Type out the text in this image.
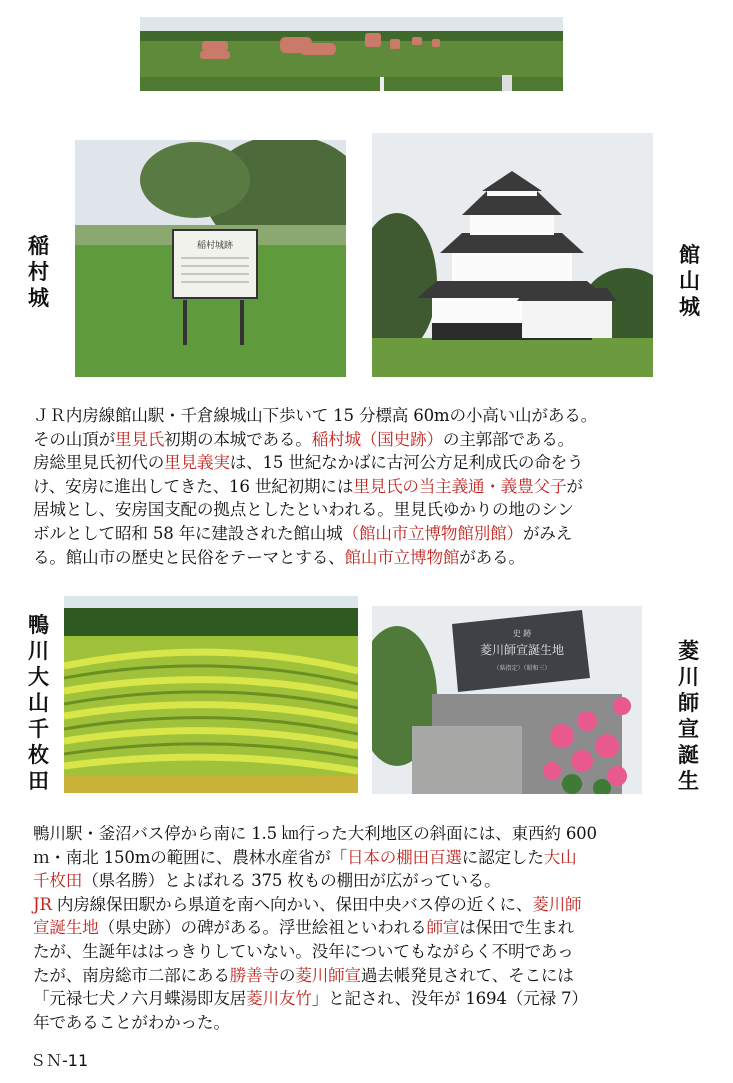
稲村城跡
稲
村
城
館
山
城

ＪＲ内房線館山駅・千倉線城山下歩いて 15 分標高 60mの小高い山がある。

その山頂が里見氏初期の本城である。稲村城（国史跡）の主郭部である。

房総里見氏初代の里見義実は、15 世紀なかばに古河公方足利成氏の命をう

け、安房に進出してきた、16 世紀初期には里見氏の当主義通・義豊父子が

居城とし、安房国支配の拠点としたといわれる。里見氏ゆかりの地のシン

ボルとして昭和 58 年に建設された館山城（館山市立博物館別館）がみえ

る。館山市の歴史と民俗をテーマとする、館山市立博物館がある。

鴨
川
大
山
千
枚
田
史 跡
菱川師宣誕生地
（県指定）（昭和三）
菱
川
師
宣
誕
生

鴨川駅・釜沼バス停から南に 1.5 ㎞行った大利地区の斜面には、東西約 600

ｍ・南北 150mの範囲に、農林水産省が「日本の棚田百選に認定した大山

千枚田（県名勝）とよばれる 375 枚もの棚田が広がっている。

JR 内房線保田駅から県道を南へ向かい、保田中央バス停の近くに、菱川師

宣誕生地（県史跡）の碑がある。浮世絵祖といわれる師宣は保田で生まれ

たが、生誕年ははっきりしていない。没年についてもながらく不明であっ

たが、南房総市二部にある勝善寺の菱川師宣過去帳発見されて、そこには

「元禄七犬ノ六月蝶湯即友居菱川友竹」と記され、没年が 1694（元禄 7）

年であることがわかった。

ＳＮ-11
